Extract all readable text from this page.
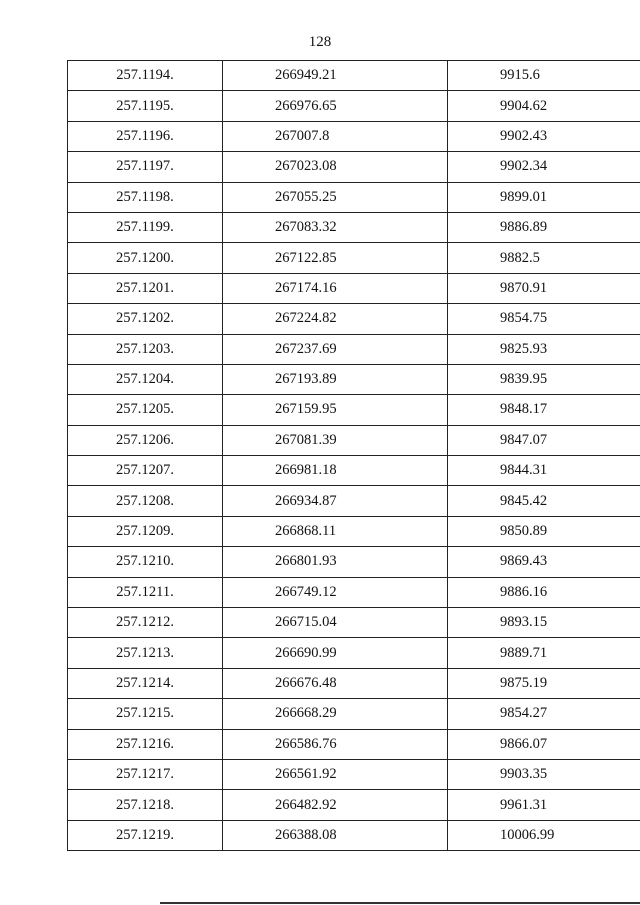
128
257.1194.	266949.21	9915.6
257.1195.	266976.65	9904.62
257.1196.	267007.8	9902.43
257.1197.	267023.08	9902.34
257.1198.	267055.25	9899.01
257.1199.	267083.32	9886.89
257.1200.	267122.85	9882.5
257.1201.	267174.16	9870.91
257.1202.	267224.82	9854.75
257.1203.	267237.69	9825.93
257.1204.	267193.89	9839.95
257.1205.	267159.95	9848.17
257.1206.	267081.39	9847.07
257.1207.	266981.18	9844.31
257.1208.	266934.87	9845.42
257.1209.	266868.11	9850.89
257.1210.	266801.93	9869.43
257.1211.	266749.12	9886.16
257.1212.	266715.04	9893.15
257.1213.	266690.99	9889.71
257.1214.	266676.48	9875.19
257.1215.	266668.29	9854.27
257.1216.	266586.76	9866.07
257.1217.	266561.92	9903.35
257.1218.	266482.92	9961.31
257.1219.	266388.08	10006.99
